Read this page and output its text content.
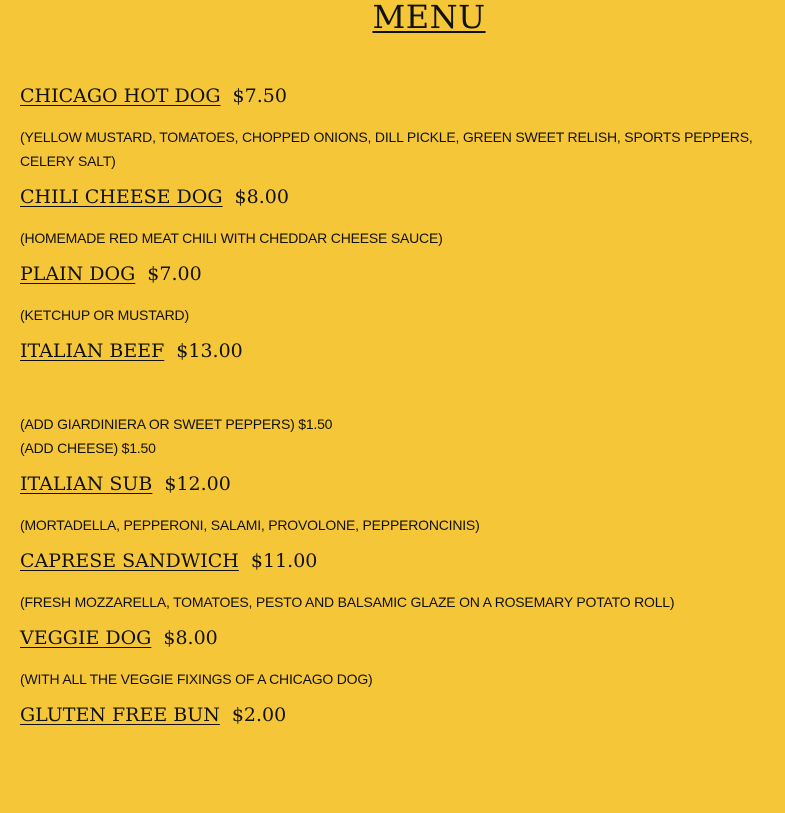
MENU
CHICAGO HOT DOG $7.50
(YELLOW MUSTARD, TOMATOES, CHOPPED ONIONS, DILL PICKLE, GREEN SWEET RELISH, SPORTS PEPPERS, CELERY SALT)
CHILI CHEESE DOG $8.00
(HOMEMADE RED MEAT CHILI WITH CHEDDAR CHEESE SAUCE)
PLAIN DOG $7.00
(KETCHUP OR MUSTARD)
ITALIAN BEEF $13.00
(ADD GIARDINIERA OR SWEET PEPPERS) $1.50
(ADD CHEESE) $1.50
ITALIAN SUB $12.00
(MORTADELLA, PEPPERONI, SALAMI, PROVOLONE, PEPPERONCINIS)
CAPRESE SANDWICH $11.00
(FRESH MOZZARELLA, TOMATOES, PESTO AND BALSAMIC GLAZE ON A ROSEMARY POTATO ROLL)
VEGGIE DOG $8.00
(WITH ALL THE VEGGIE FIXINGS OF A CHICAGO DOG)
GLUTEN FREE BUN $2.00
